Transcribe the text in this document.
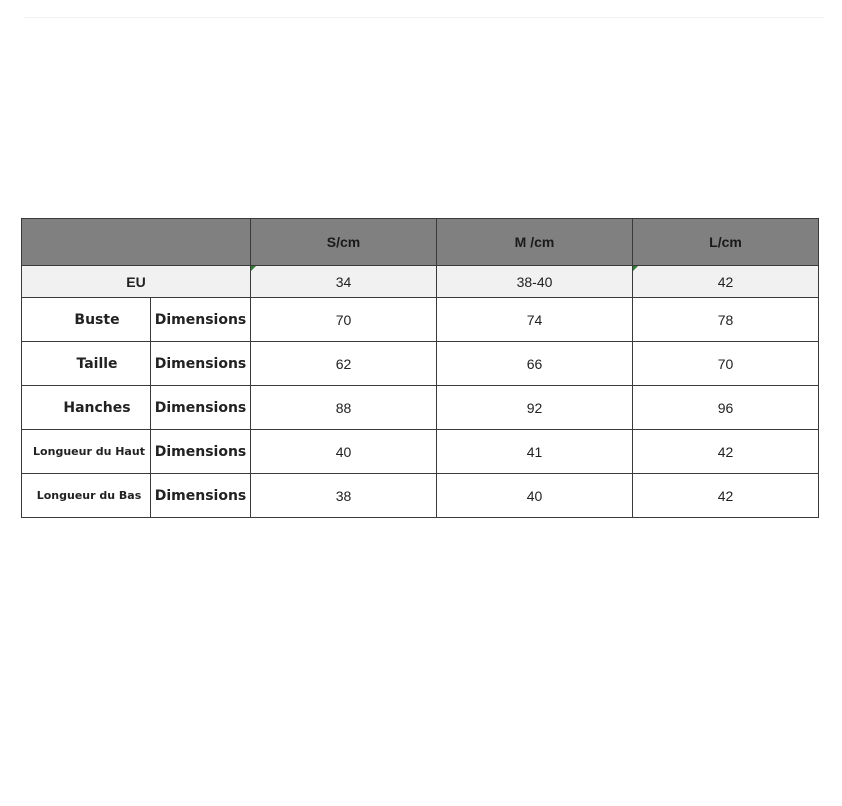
		S/cm	M /cm	L/cm
EU		34	38-40	42

Buste	Dimensions	70	74	78

Taille	Dimensions	62	66	70

Hanches	Dimensions	88	92	96

Longueur du Haut	Dimensions	40	41	42

Longueur du Bas	Dimensions	38	40	42
